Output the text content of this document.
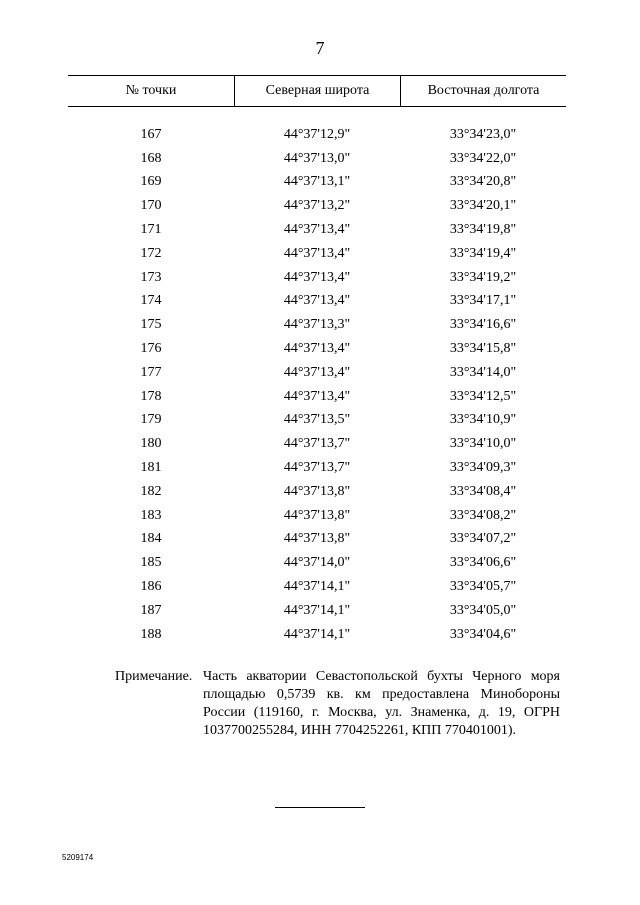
7
№ точки	Северная широта	Восточная долгота
167	44°37'12,9"	33°34'23,0"
168	44°37'13,0"	33°34'22,0"
169	44°37'13,1"	33°34'20,8"
170	44°37'13,2"	33°34'20,1"
171	44°37'13,4"	33°34'19,8"
172	44°37'13,4"	33°34'19,4"
173	44°37'13,4"	33°34'19,2"
174	44°37'13,4"	33°34'17,1"
175	44°37'13,3"	33°34'16,6"
176	44°37'13,4"	33°34'15,8"
177	44°37'13,4"	33°34'14,0"
178	44°37'13,4"	33°34'12,5"
179	44°37'13,5"	33°34'10,9"
180	44°37'13,7"	33°34'10,0"
181	44°37'13,7"	33°34'09,3"
182	44°37'13,8"	33°34'08,4"
183	44°37'13,8"	33°34'08,2"
184	44°37'13,8"	33°34'07,2"
185	44°37'14,0"	33°34'06,6"
186	44°37'14,1"	33°34'05,7"
187	44°37'14,1"	33°34'05,0"
188	44°37'14,1"	33°34'04,6"
Примечание. Часть акватории Севастопольской бухты Черного моря площадью 0,5739 кв. км предоставлена Минобороны России (119160, г. Москва, ул. Знаменка, д. 19, ОГРН 1037700255284, ИНН 7704252261, КПП 770401001).
5209174
